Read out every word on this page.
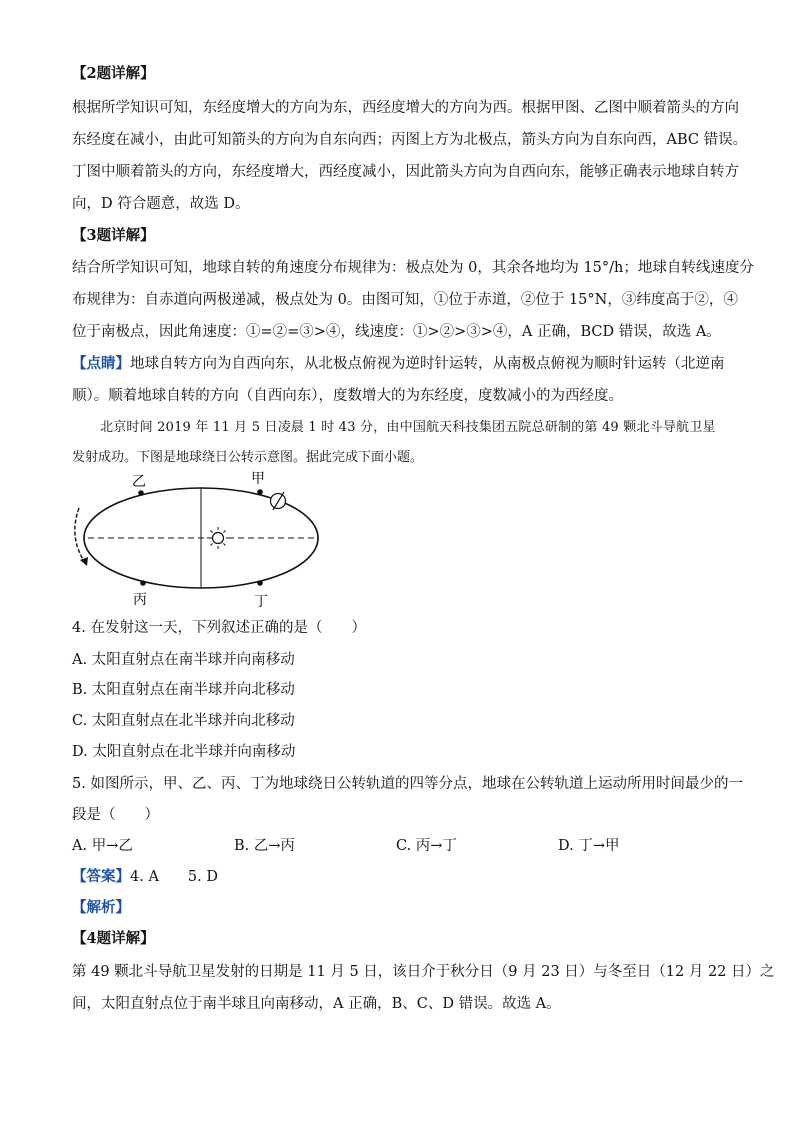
【2题详解】
根据所学知识可知，东经度增大的方向为东，西经度增大的方向为西。根据甲图、乙图中顺着箭头的方向
东经度在减小，由此可知箭头的方向为自东向西；丙图上方为北极点，箭头方向为自东向西，ABC 错误。
丁图中顺着箭头的方向，东经度增大，西经度减小，因此箭头方向为自西向东，能够正确表示地球自转方
向，D 符合题意，故选 D。
【3题详解】
结合所学知识可知，地球自转的角速度分布规律为：极点处为 0，其余各地均为 15°/h；地球自转线速度分
布规律为：自赤道向两极递减，极点处为 0。由图可知，①位于赤道，②位于 15°N，③纬度高于②，④
位于南极点，因此角速度：①=②=③>④，线速度：①>②>③>④，A 正确，BCD 错误，故选 A。
【点睛】地球自转方向为自西向东，从北极点俯视为逆时针运转，从南极点俯视为顺时针运转（北逆南
顺）。顺着地球自转的方向（自西向东），度数增大的为东经度，度数减小的为西经度。
北京时间 2019 年 11 月 5 日凌晨 1 时 43 分，由中国航天科技集团五院总研制的第 49 颗北斗导航卫星
发射成功。下图是地球绕日公转示意图。据此完成下面小题。
甲
乙
丙	丁
4. 在发射这一天，下列叙述正确的是（　　）
A. 太阳直射点在南半球并向南移动
B. 太阳直射点在南半球并向北移动
C. 太阳直射点在北半球并向北移动
D. 太阳直射点在北半球并向南移动
5. 如图所示，甲、乙、丙、丁为地球绕日公转轨道的四等分点，地球在公转轨道上运动所用时间最少的一
段是（　　）
A. 甲→乙	B. 乙→丙	C. 丙→丁	D. 丁→甲
【答案】4. A　　5. D
【解析】
【4题详解】
第 49 颗北斗导航卫星发射的日期是 11 月 5 日，该日介于秋分日（9 月 23 日）与冬至日（12 月 22 日）之
间，太阳直射点位于南半球且向南移动，A 正确，B、C、D 错误。故选 A。
